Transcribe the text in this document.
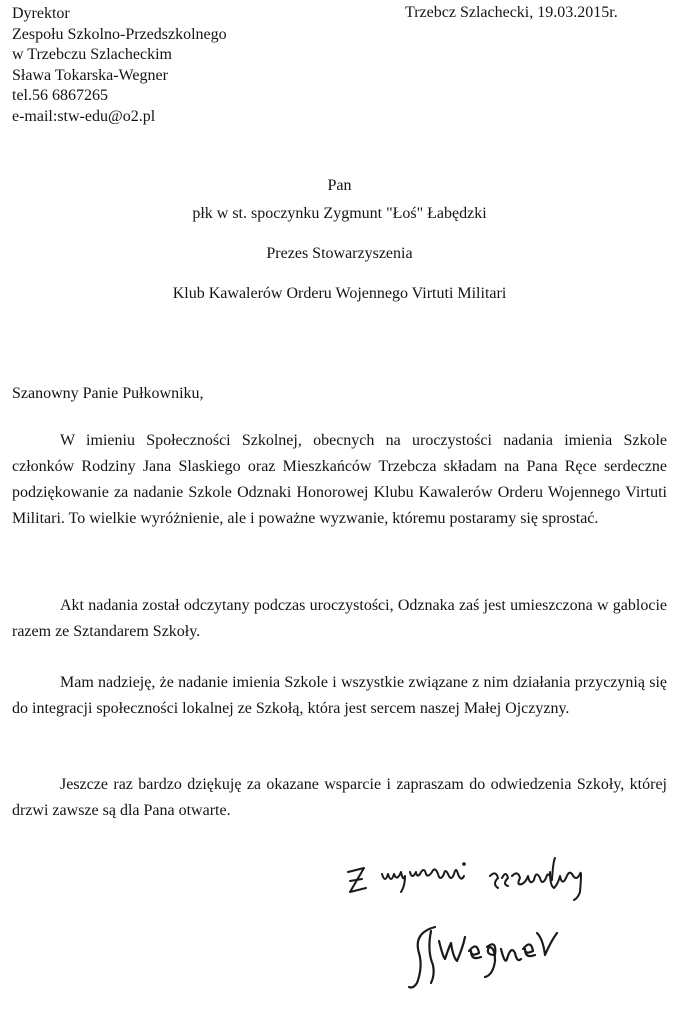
Dyrektor
Zespołu Szkolno-Przedszkolnego
w Trzebczu Szlacheckim
Sława Tokarska-Wegner
tel.56 6867265
e-mail:stw-edu@o2.pl
Trzebcz Szlachecki, 19.03.2015r.
Pan
płk w st. spoczynku Zygmunt "Łoś" Łabędzki
Prezes Stowarzyszenia
Klub Kawalerów Orderu Wojennego Virtuti Militari
Szanowny Panie Pułkowniku,
W imieniu Społeczności Szkolnej, obecnych na uroczystości nadania imienia Szkole członków Rodziny Jana Slaskiego oraz Mieszkańców Trzebcza składam na Pana Ręce serdeczne podziękowanie za nadanie Szkole Odznaki Honorowej Klubu Kawalerów Orderu Wojennego Virtuti Militari. To wielkie wyróżnienie, ale i poważne wyzwanie, któremu postaramy się sprostać.
Akt nadania został odczytany podczas uroczystości, Odznaka zaś jest umieszczona w gablocie razem ze Sztandarem Szkoły.
Mam nadzieję, że nadanie imienia Szkole i wszystkie związane z nim działania przyczynią się do integracji społeczności lokalnej ze Szkołą, która jest sercem naszej Małej Ojczyzny.
Jeszcze raz bardzo dziękuję za okazane wsparcie i zapraszam do odwiedzenia Szkoły, której drzwi zawsze są dla Pana otwarte.
